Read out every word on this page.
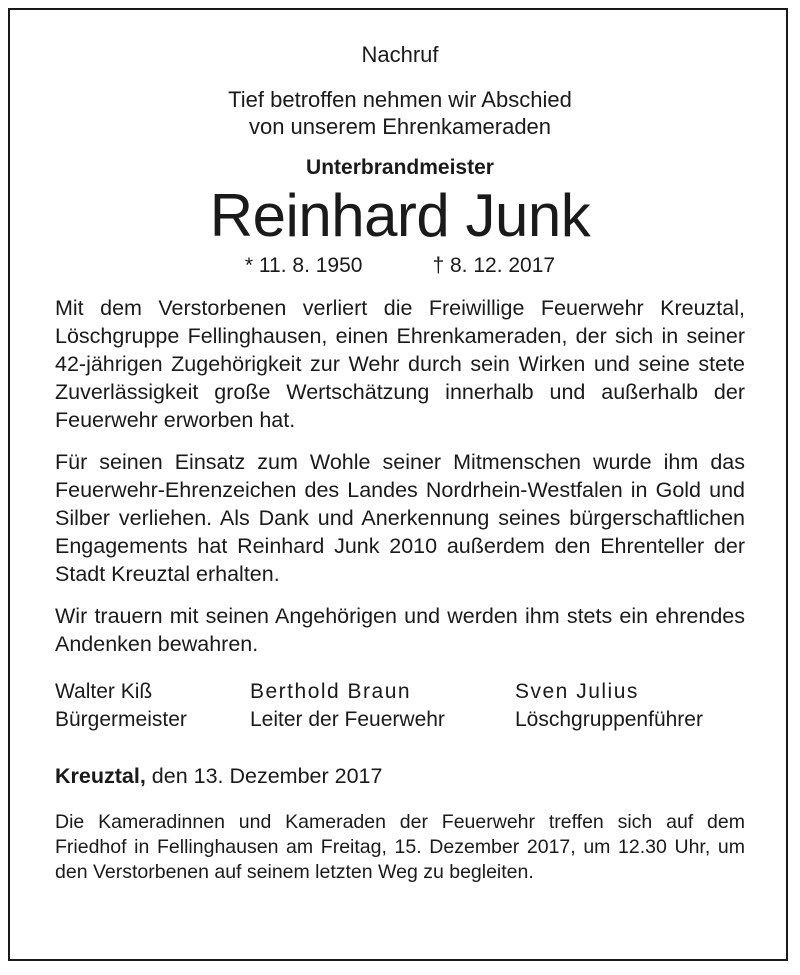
Nachruf
Tief betroffen nehmen wir Abschied
von unserem Ehrenkameraden
Unterbrandmeister
Reinhard Junk
* 11. 8. 1950	† 8. 12. 2017
Mit dem Verstorbenen verliert die Freiwillige Feuerwehr Kreuztal, Löschgruppe Fellinghausen, einen Ehrenkameraden, der sich in seiner 42-jährigen Zugehörigkeit zur Wehr durch sein Wirken und seine stete Zuverlässigkeit große Wertschätzung innerhalb und außerhalb der Feuerwehr erworben hat.
Für seinen Einsatz zum Wohle seiner Mitmenschen wurde ihm das Feuerwehr-Ehrenzeichen des Landes Nordrhein-Westfalen in Gold und Silber verliehen. Als Dank und Anerkennung seines bürgerschaftlichen Engagements hat Reinhard Junk 2010 außerdem den Ehrenteller der Stadt Kreuztal erhalten.
Wir trauern mit seinen Angehörigen und werden ihm stets ein ehrendes Andenken bewahren.
Walter Kiß
Bürgermeister
Berthold Braun
Leiter der Feuerwehr
Sven Julius
Löschgruppenführer
Kreuztal, den 13. Dezember 2017
Die Kameradinnen und Kameraden der Feuerwehr treffen sich auf dem Friedhof in Fellinghausen am Freitag, 15. Dezember 2017, um 12.30 Uhr, um den Verstorbenen auf seinem letzten Weg zu begleiten.
